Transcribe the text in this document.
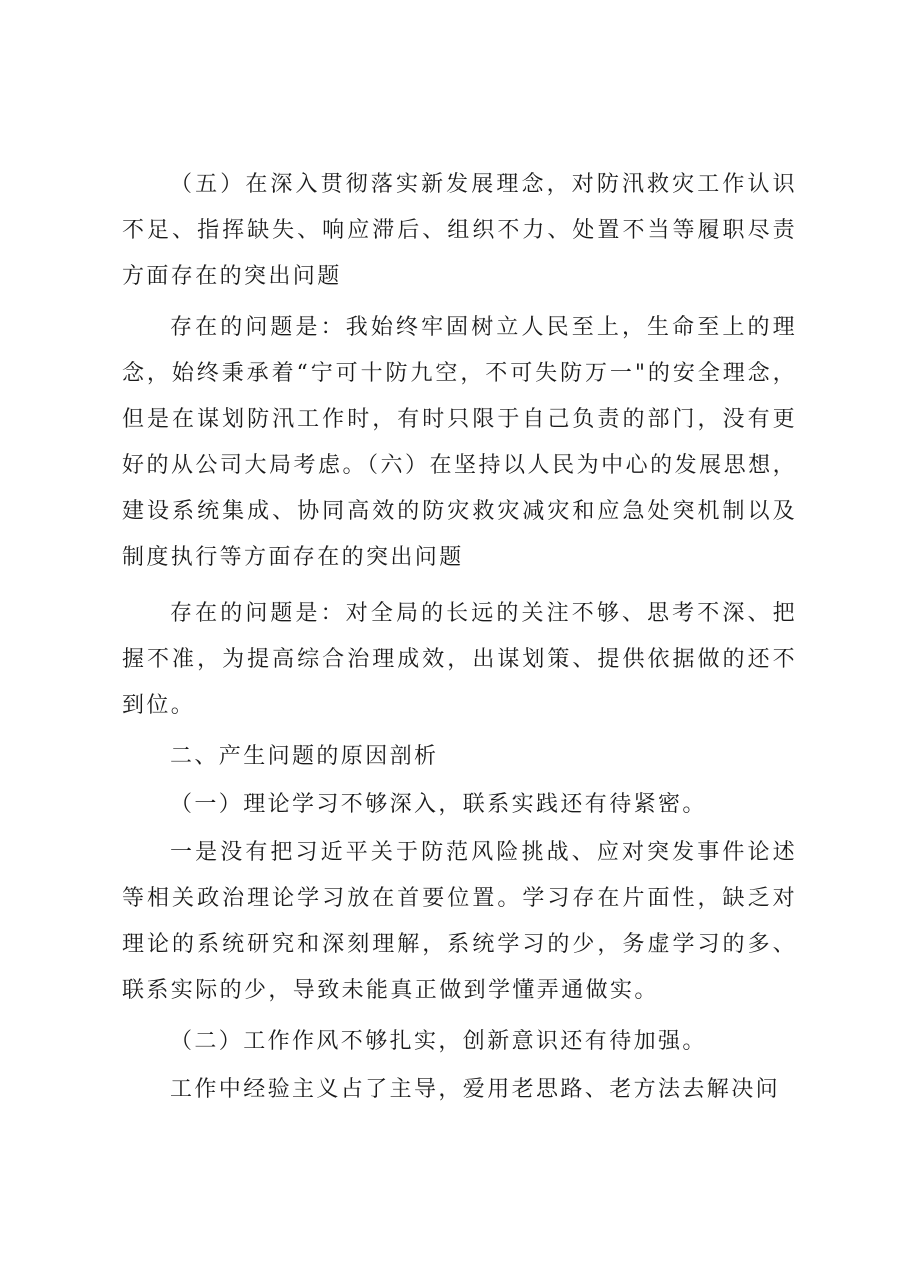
（五）在深入贯彻落实新发展理念，对防汛救灾工作认识不足、指挥缺失、响应滞后、组织不力、处置不当等履职尽责方面存在的突出问题

存在的问题是：我始终牢固树立人民至上，生命至上的理念，始终秉承着“宁可十防九空，不可失防万一"的安全理念，但是在谋划防汛工作时，有时只限于自己负责的部门，没有更好的从公司大局考虑。（六）在坚持以人民为中心的发展思想，建设系统集成、协同高效的防灾救灾减灾和应急处突机制以及制度执行等方面存在的突出问题

存在的问题是：对全局的长远的关注不够、思考不深、把握不准，为提高综合治理成效，出谋划策、提供依据做的还不到位。

二、产生问题的原因剖析

（一）理论学习不够深入，联系实践还有待紧密。

一是没有把习近平关于防范风险挑战、应对突发事件论述等相关政治理论学习放在首要位置。学习存在片面性，缺乏对理论的系统研究和深刻理解，系统学习的少，务虚学习的多、联系实际的少，导致未能真正做到学懂弄通做实。

（二）工作作风不够扎实，创新意识还有待加强。

工作中经验主义占了主导，爱用老思路、老方法去解决问
